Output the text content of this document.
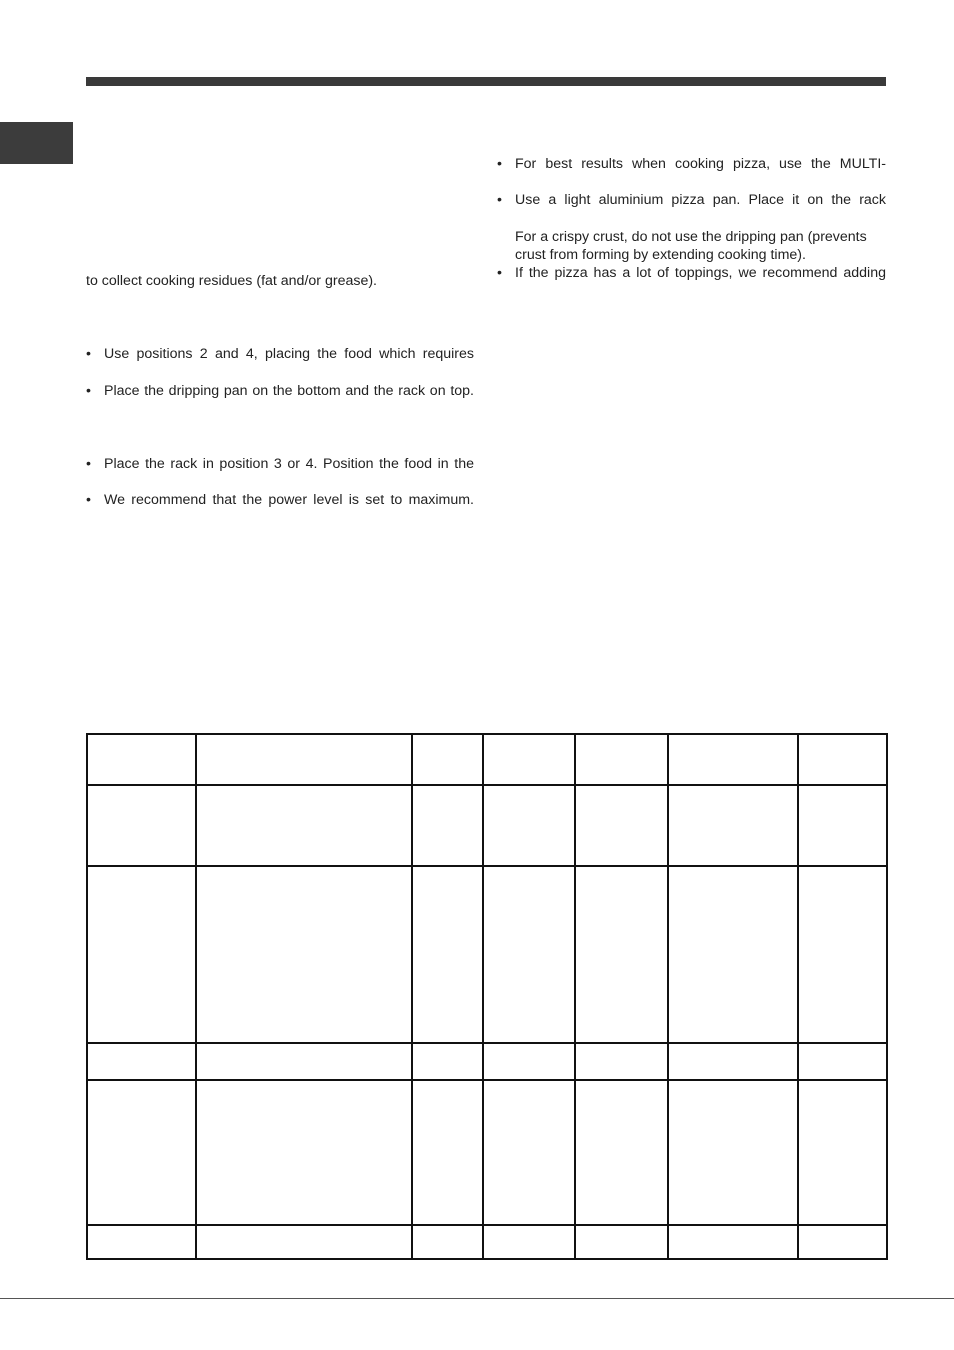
to collect cooking residues (fat and/or grease).
• Use positions 2 and 4, placing the food which requires
• Place the dripping pan on the bottom and the rack on top.
• Place the rack in position 3 or 4. Position the food in the
• We recommend that the power level is set to maximum.
• For best results when cooking pizza, use the MULTI-
• Use a light aluminium pizza pan. Place it on the rack
For a crispy crust, do not use the dripping pan (prevents
crust from forming by extending cooking time).
• If the pizza has a lot of toppings, we recommend adding
